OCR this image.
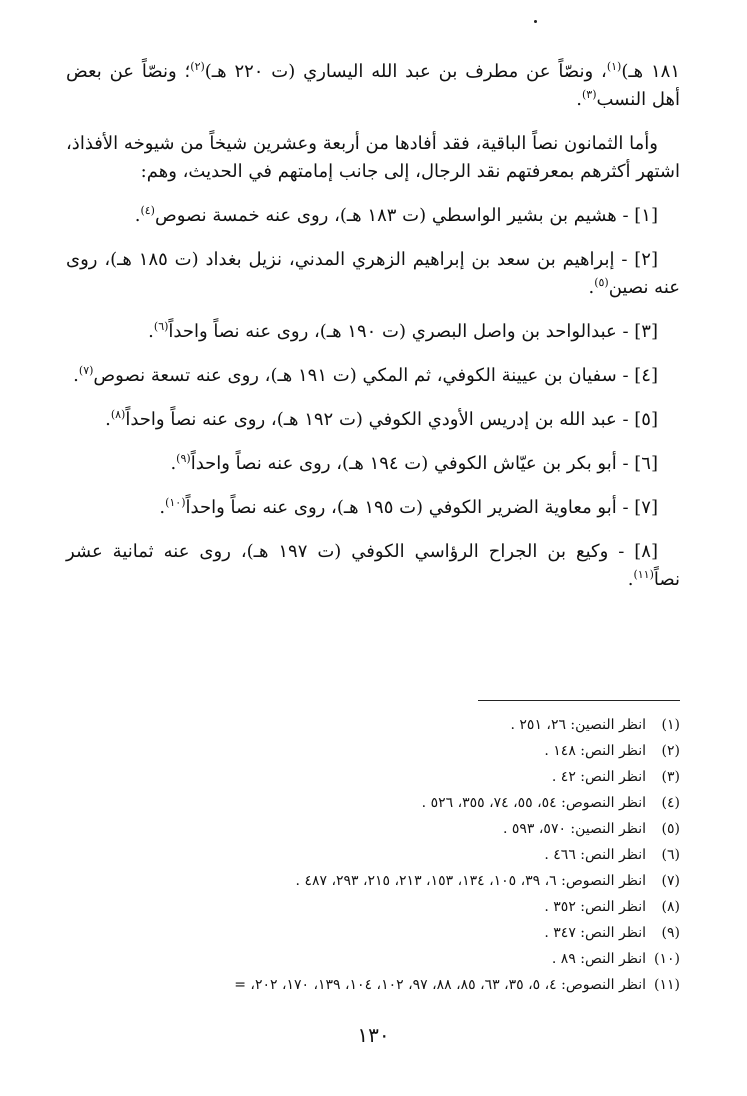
١٨١ هـ)$^{(١)}$، ونصّاً عن مطرف بن عبد الله اليساري (ت ٢٢٠ هـ)$^{(٢)}$؛ ونصّاً عن بعض أهل النسب$^{(٣)}$.

وأما الثمانون نصاً الباقية، فقد أفادها من أربعة وعشرين شيخاً من شيوخه الأفذاذ، اشتهر أكثرهم بمعرفتهم نقد الرجال، إلى جانب إمامتهم في الحديث، وهم:

[١] - هشيم بن بشير الواسطي (ت ١٨٣ هـ)، روى عنه خمسة نصوص$^{(٤)}$.

[٢] - إبراهيم بن سعد بن إبراهيم الزهري المدني، نزيل بغداد (ت ١٨٥ هـ)، روى عنه نصين$^{(٥)}$.

[٣] - عبدالواحد بن واصل البصري (ت ١٩٠ هـ)، روى عنه نصاً واحداً$^{(٦)}$.

[٤] - سفيان بن عيينة الكوفي، ثم المكي (ت ١٩١ هـ)، روى عنه تسعة نصوص$^{(٧)}$.

[٥] - عبد الله بن إدريس الأودي الكوفي (ت ١٩٢ هـ)، روى عنه نصاً واحداً$^{(٨)}$.

[٦] - أبو بكر بن عيّاش الكوفي (ت ١٩٤ هـ)، روى عنه نصاً واحداً$^{(٩)}$.

[٧] - أبو معاوية الضرير الكوفي (ت ١٩٥ هـ)، روى عنه نصاً واحداً$^{(١٠)}$.

[٨] - وكيع بن الجراح الرؤاسي الكوفي (ت ١٩٧ هـ)، روى عنه ثمانية عشر نصاً$^{(١١)}$.

(١)انظر النصين: ٢٦، ٢٥١ .
(٢)انظر النص: ١٤٨ .
(٣)انظر النص: ٤٢ .
(٤)انظر النصوص: ٥٤، ٥٥، ٧٤، ٣٥٥، ٥٢٦ .
(٥)انظر النصين: ٥٧٠، ٥٩٣ .
(٦)انظر النص: ٤٦٦ .
(٧)انظر النصوص: ٦، ٣٩، ١٠٥، ١٣٤، ١٥٣، ٢١٣، ٢١٥، ٢٩٣، ٤٨٧ .
(٨)انظر النص: ٣٥٢ .
(٩)انظر النص: ٣٤٧ .
(١٠)انظر النص: ٨٩ .
(١١)انظر النصوص: ٤، ٥، ٣٥، ٦٣، ٨٥، ٨٨، ٩٧، ١٠٢، ١٠٤، ١٣٩، ١٧٠، ٢٠٢، =
١٣٠
